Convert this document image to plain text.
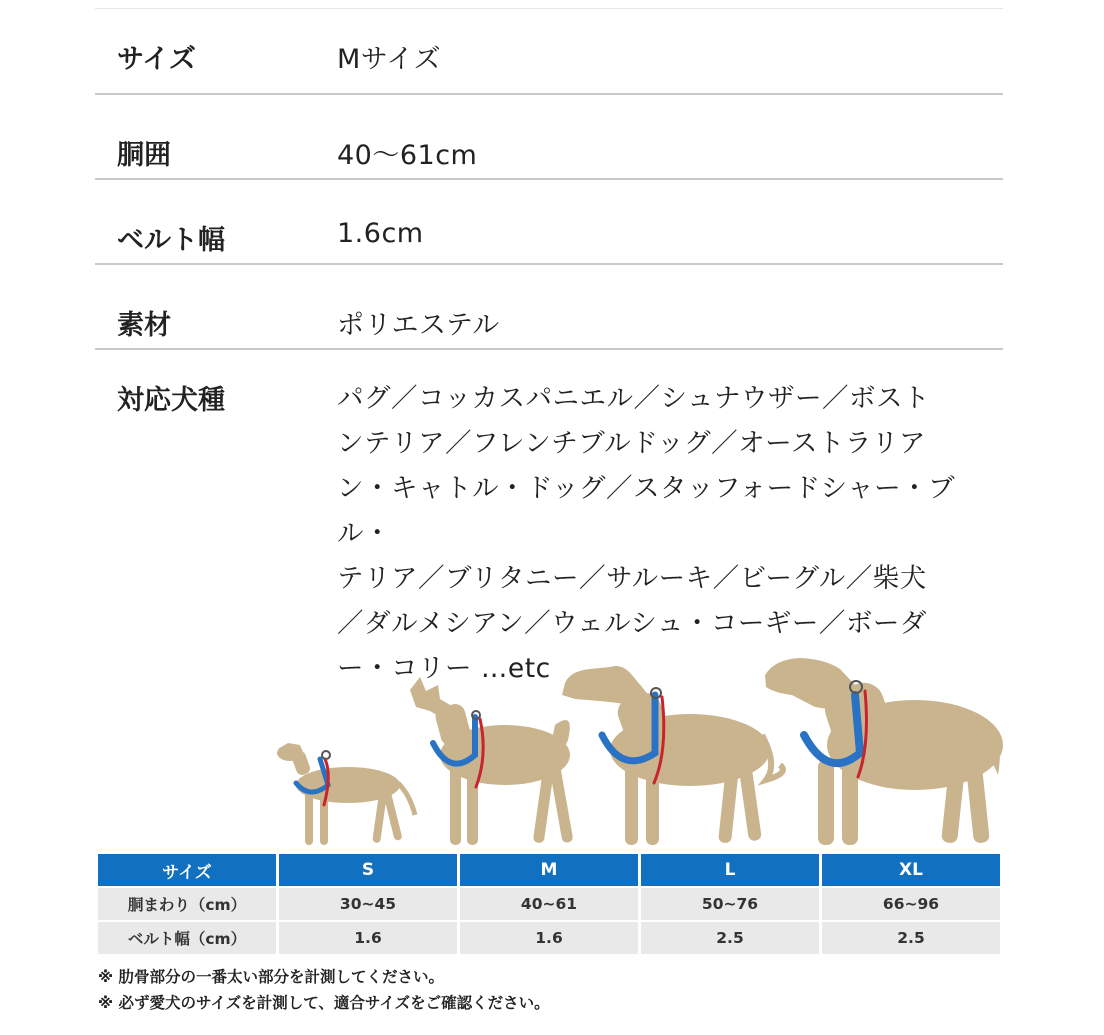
サイズ	Mサイズ
胴囲	40〜61cm
ベルト幅	1.6cm
素材	ポリエステル
対応犬種	パグ／コッカスパニエル／シュナウザー／ボスト
ンテリア／フレンチブルドッグ／オーストラリア
ン・キャトル・ドッグ／スタッフォードシャー・ブル・
テリア／ブリタニー／サルーキ／ビーグル／柴犬
／ダルメシアン／ウェルシュ・コーギー／ボーダ
ー・コリー …etc
サイズ	S	M	L	XL
胴まわり（cm）	30~45	40~61	50~76	66~96
ベルト幅（cm）	1.6	1.6	2.5	2.5
※ 肋骨部分の一番太い部分を計測してください。
※ 必ず愛犬のサイズを計測して、適合サイズをご確認ください。
